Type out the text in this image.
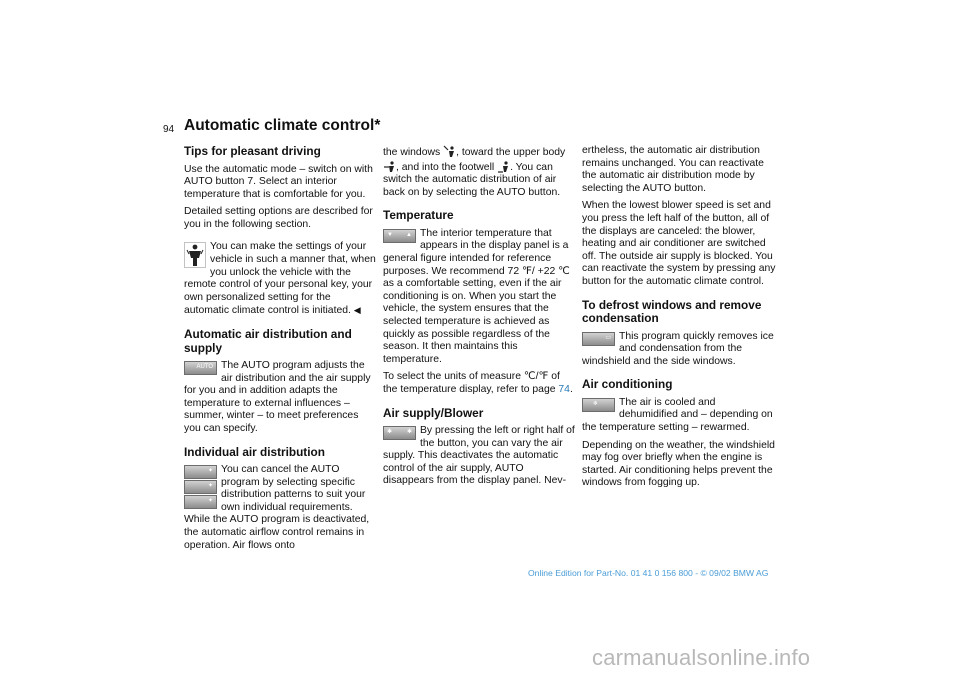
94 Automatic climate control*
Tips for pleasant driving

Use the automatic mode – switch on with AUTO button 7. Select an interior temperature that is comfortable for you.

Detailed setting options are described for you in the following section.

You can make the settings of your vehicle in such a manner that, when you unlock the vehicle with the remote control of your personal key, your own personalized setting for the automatic climate control is initiated. ◀

Automatic air distribution and supply

AUTO The AUTO program adjusts the air distribution and the air supply for you and in addition adapts the temperature to external influences – summer, winter – to meet preferences you can specify.

Individual air distribution

✦
✦
✦
You can cancel the AUTO program by selecting specific distribution patterns to suit your own individual requirements. While the AUTO program is deactivated, the automatic airflow control remains in operation. Air flows onto

the windows , toward the upper body , and into the footwell . You can switch the automatic distribution of air back on by selecting the AUTO button.

Temperature

▼ ▲ The interior temperature that appears in the display panel is a general figure intended for reference purposes. We recommend 72 ℉/ +22 ℃ as a comfortable setting, even if the air conditioning is on. When you start the vehicle, the system ensures that the selected temperature is achieved as quickly as possible regardless of the season. It then maintains this temperature.

To select the units of measure ℃/℉ of the temperature display, refer to page 74.

Air supply/Blower

✱ ✱ By pressing the left or right half of the button, you can vary the air supply. This deactivates the automatic control of the air supply, AUTO disappears from the display panel. Nev-

ertheless, the automatic air distribution remains unchanged. You can reactivate the automatic air distribution mode by selecting the AUTO button.

When the lowest blower speed is set and you press the left half of the button, all of the displays are canceled: the blower, heating and air conditioner are switched off. The outside air supply is blocked. You can reactivate the system by pressing any button for the automatic climate control.

To defrost windows and remove condensation

▭ This program quickly removes ice and condensation from the windshield and the side windows.

Air conditioning

❄ The air is cooled and dehumidified and – depending on the temperature setting – rewarmed.

Depending on the weather, the windshield may fog over briefly when the engine is started. Air conditioning helps prevent the windows from fogging up.

Online Edition for Part-No. 01 41 0 156 800 - © 09/02 BMW AG
carmanualsonline.info
